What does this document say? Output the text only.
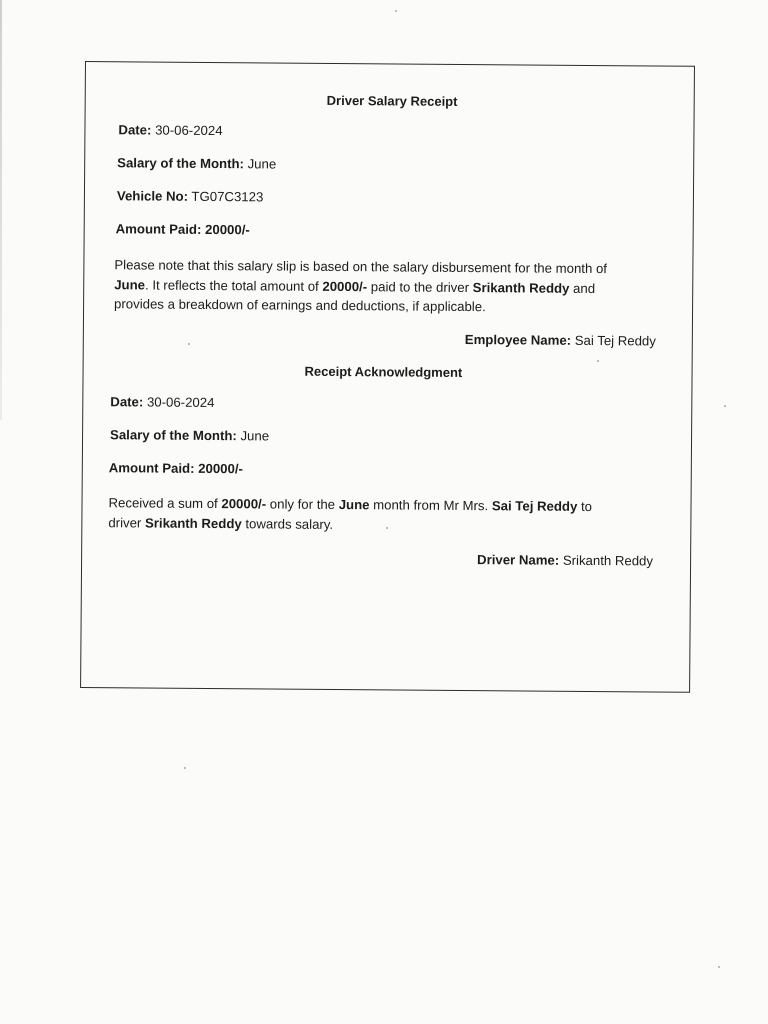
Driver Salary Receipt
Date: 30-06-2024
Salary of the Month: June
Vehicle No: TG07C3123
Amount Paid: 20000/-
Please note that this salary slip is based on the salary disbursement for the month of
June. It reflects the total amount of 20000/- paid to the driver Srikanth Reddy and
provides a breakdown of earnings and deductions, if applicable.
Employee Name: Sai Tej Reddy
Receipt Acknowledgment
Date: 30-06-2024
Salary of the Month: June
Amount Paid: 20000/-
Received a sum of 20000/- only for the June month from Mr Mrs. Sai Tej Reddy to
driver Srikanth Reddy towards salary.
Driver Name: Srikanth Reddy
